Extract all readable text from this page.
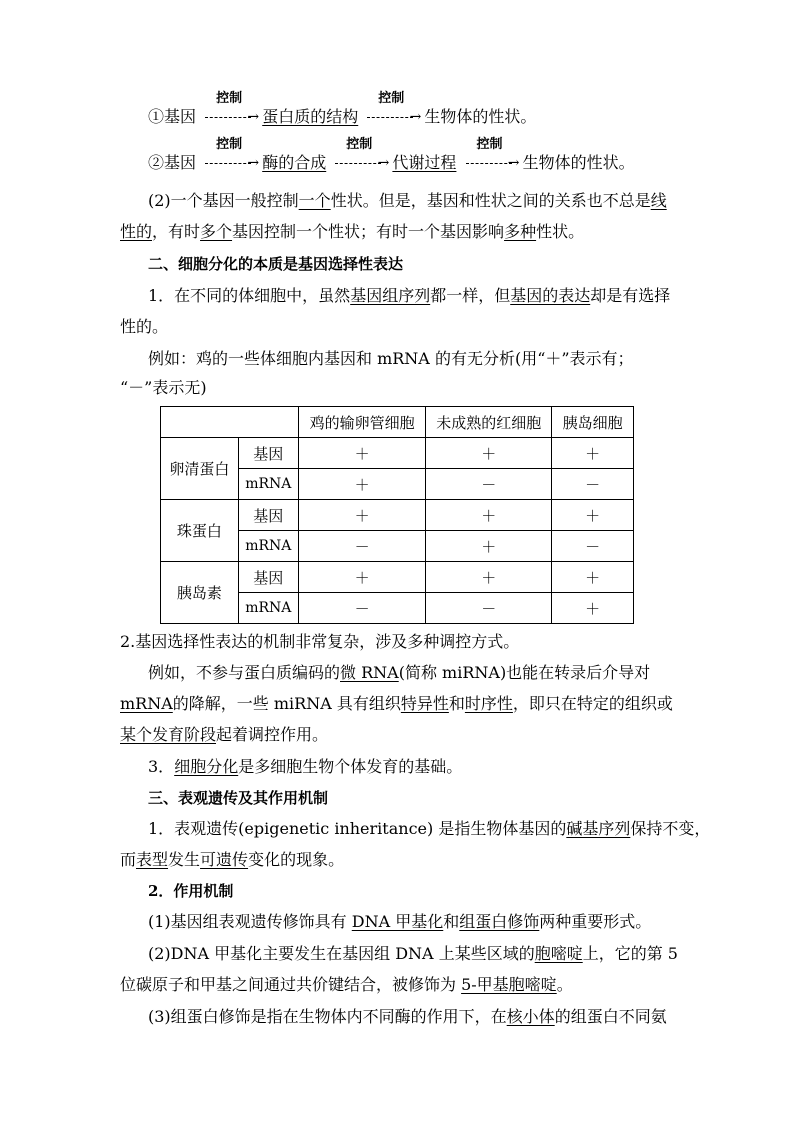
①基因
控制
→ 蛋白质的结构
控制
→ 生物体的性状。
②基因
控制
→ 酶的合成
控制
→ 代谢过程
控制
→ 生物体的性状。
(2)一个基因一般控制一个性状。但是，基因和性状之间的关系也不总是线
性的，有时多个基因控制一个性状；有时一个基因影响多种性状。
二、细胞分化的本质是基因选择性表达
1．在不同的体细胞中，虽然基因组序列都一样，但基因的表达却是有选择
性的。
例如：鸡的一些体细胞内基因和 mRNA 的有无分析(用“＋”表示有；
“－”表示无)
		鸡的输卵管细胞	未成熟的红细胞	胰岛细胞
卵清蛋白	基因	＋	＋	＋
	mRNA	＋	－	－
珠蛋白	基因	＋	＋	＋
	mRNA	－	＋	－
胰岛素	基因	＋	＋	＋
	mRNA	－	－	＋
2.基因选择性表达的机制非常复杂，涉及多种调控方式。
例如，不参与蛋白质编码的微 RNA(简称 miRNA)也能在转录后介导对
mRNA的降解，一些 miRNA 具有组织特异性和时序性，即只在特定的组织或
某个发育阶段起着调控作用。
3．细胞分化是多细胞生物个体发育的基础。
三、表观遗传及其作用机制
1．表观遗传(epigenetic inheritance) 是指生物体基因的碱基序列保持不变，
而表型发生可遗传变化的现象。
2．作用机制
(1)基因组表观遗传修饰具有 DNA 甲基化和组蛋白修饰两种重要形式。
(2)DNA 甲基化主要发生在基因组 DNA 上某些区域的胞嘧啶上，它的第 5
位碳原子和甲基之间通过共价键结合，被修饰为 5-甲基胞嘧啶。
(3)组蛋白修饰是指在生物体内不同酶的作用下，在核小体的组蛋白不同氨
